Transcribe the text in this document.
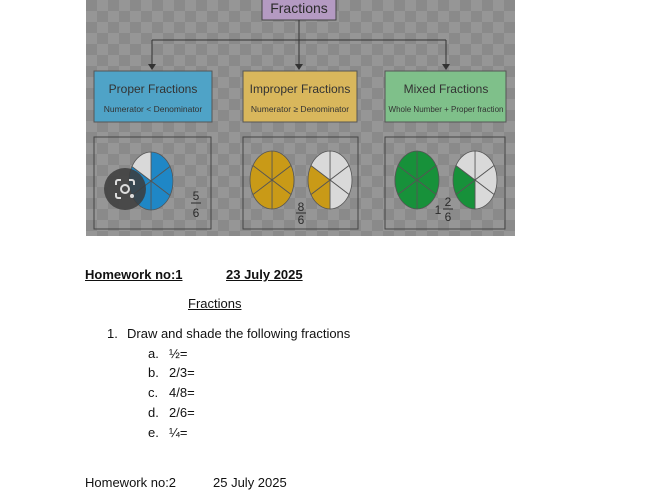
Fractions
Proper Fractions
Numerator < Denominator
Improper Fractions
Numerator ≥ Denominator
Mixed Fractions
Whole Number + Proper fraction
5
6	8
6
1
2
6
Homework no:1	23 July 2025
Fractions
1. Draw and shade the following fractions
a. ½=
b. 2/3=
c. 4/8=
d. 2/6=
e. ¼=
Homework no:2	25 July 2025
